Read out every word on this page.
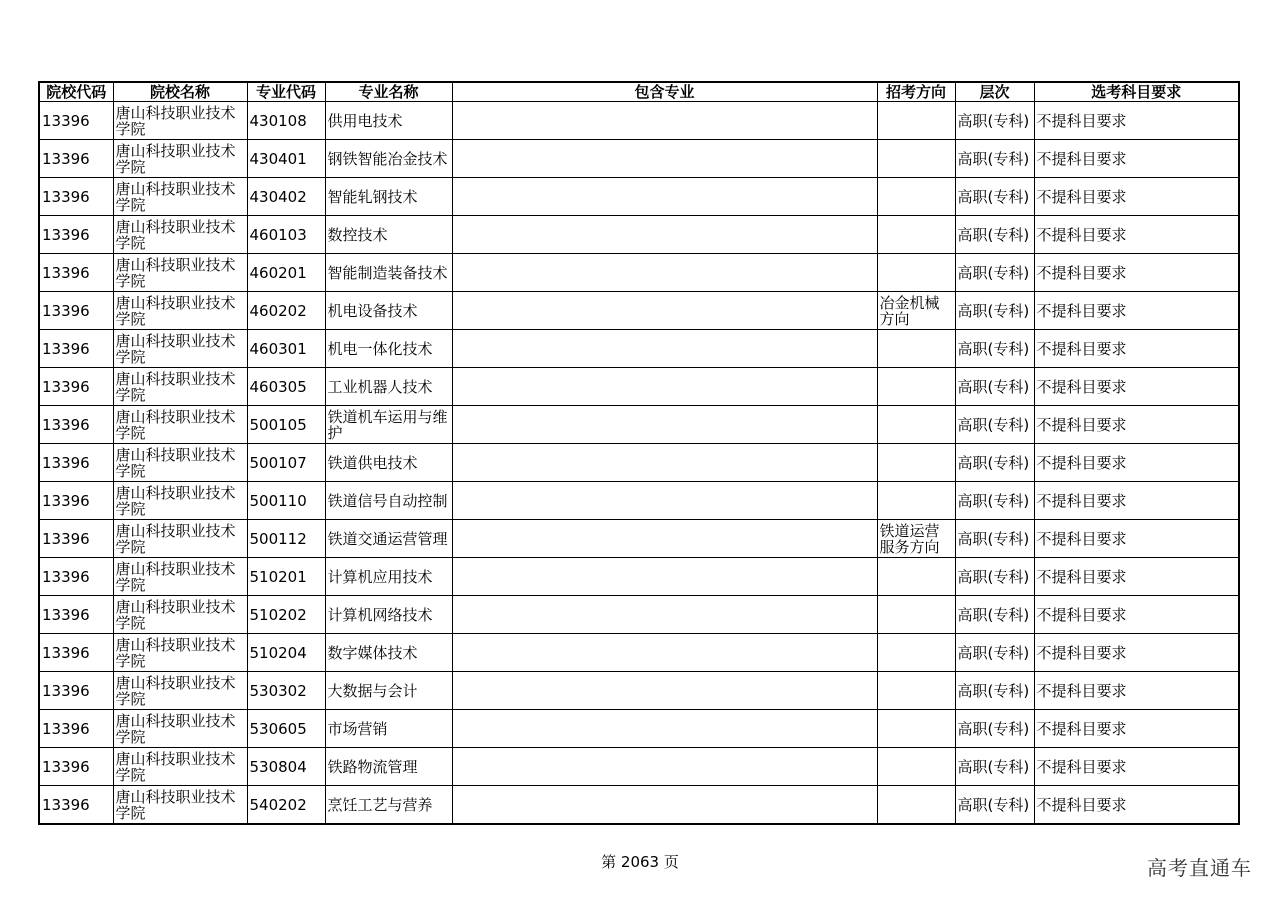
院校代码	院校名称	专业代码	专业名称	包含专业	招考方向	层次	选考科目要求
13396	唐山科技职业技术学院	430108	供用电技术			高职(专科)	不提科目要求
13396	唐山科技职业技术学院	430401	钢铁智能冶金技术			高职(专科)	不提科目要求
13396	唐山科技职业技术学院	430402	智能轧钢技术			高职(专科)	不提科目要求
13396	唐山科技职业技术学院	460103	数控技术			高职(专科)	不提科目要求
13396	唐山科技职业技术学院	460201	智能制造装备技术			高职(专科)	不提科目要求
13396	唐山科技职业技术学院	460202	机电设备技术		冶金机械方向	高职(专科)	不提科目要求
13396	唐山科技职业技术学院	460301	机电一体化技术			高职(专科)	不提科目要求
13396	唐山科技职业技术学院	460305	工业机器人技术			高职(专科)	不提科目要求
13396	唐山科技职业技术学院	500105	铁道机车运用与维护			高职(专科)	不提科目要求
13396	唐山科技职业技术学院	500107	铁道供电技术			高职(专科)	不提科目要求
13396	唐山科技职业技术学院	500110	铁道信号自动控制			高职(专科)	不提科目要求
13396	唐山科技职业技术学院	500112	铁道交通运营管理		铁道运营服务方向	高职(专科)	不提科目要求
13396	唐山科技职业技术学院	510201	计算机应用技术			高职(专科)	不提科目要求
13396	唐山科技职业技术学院	510202	计算机网络技术			高职(专科)	不提科目要求
13396	唐山科技职业技术学院	510204	数字媒体技术			高职(专科)	不提科目要求
13396	唐山科技职业技术学院	530302	大数据与会计			高职(专科)	不提科目要求
13396	唐山科技职业技术学院	530605	市场营销			高职(专科)	不提科目要求
13396	唐山科技职业技术学院	530804	铁路物流管理			高职(专科)	不提科目要求
13396	唐山科技职业技术学院	540202	烹饪工艺与营养			高职(专科)	不提科目要求
第 2063 页	高考直通车
